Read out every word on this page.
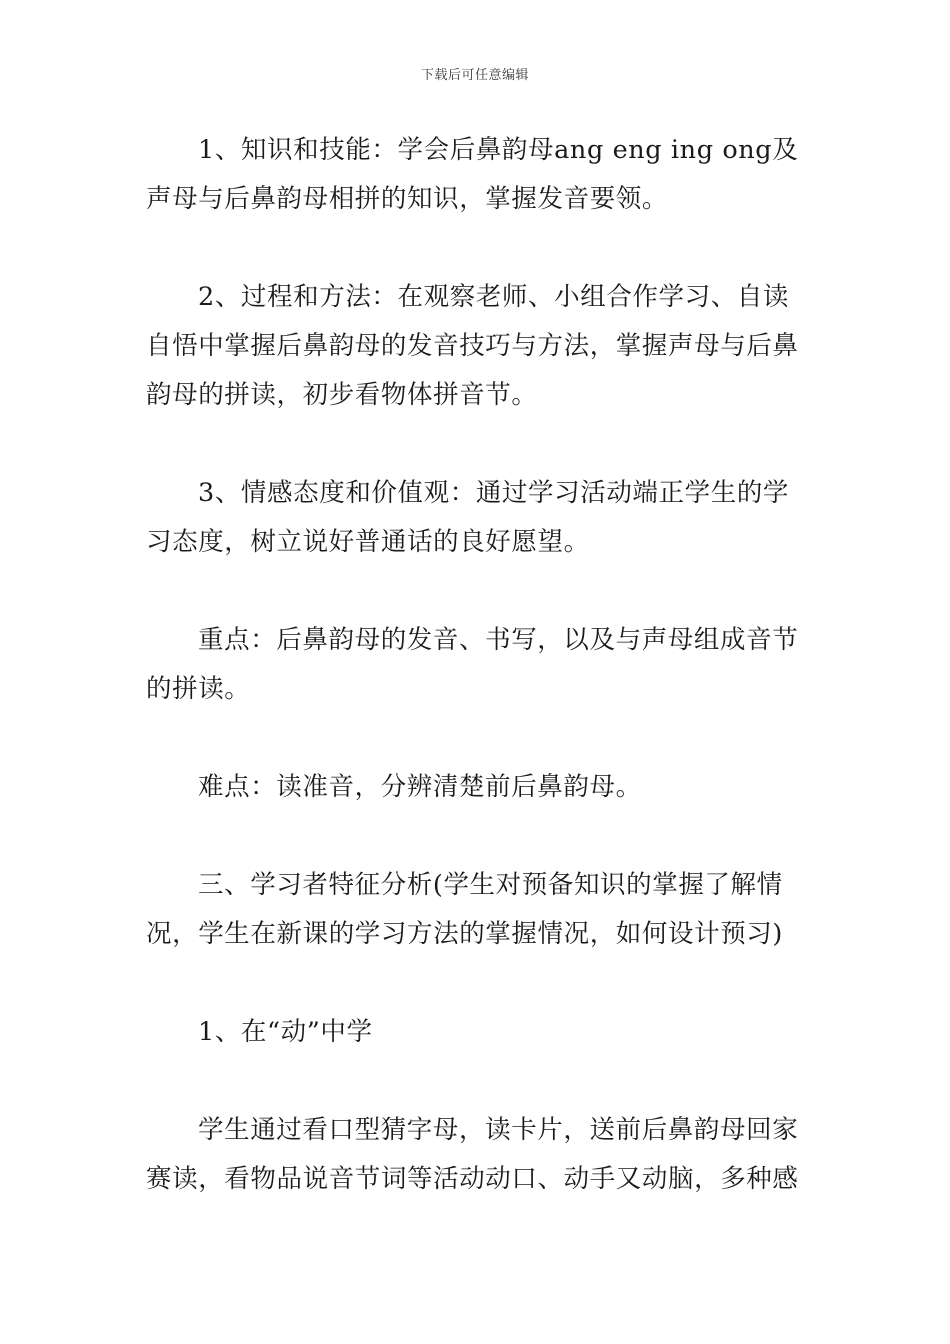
下载后可任意编辑

1、知识和技能：学会后鼻韵母ang eng ing ong及声母与后鼻韵母相拼的知识，掌握发音要领。

2、过程和方法：在观察老师、小组合作学习、自读自悟中掌握后鼻韵母的发音技巧与方法，掌握声母与后鼻韵母的拼读，初步看物体拼音节。

3、情感态度和价值观：通过学习活动端正学生的学习态度，树立说好普通话的良好愿望。

重点：后鼻韵母的发音、书写，以及与声母组成音节的拼读。

难点：读准音，分辨清楚前后鼻韵母。

三、学习者特征分析(学生对预备知识的掌握了解情况，学生在新课的学习方法的掌握情况，如何设计预习)

1、在“动”中学

学生通过看口型猜字母，读卡片，送前后鼻韵母回家赛读，看物品说音节词等活动动口、动手又动脑，多种感
